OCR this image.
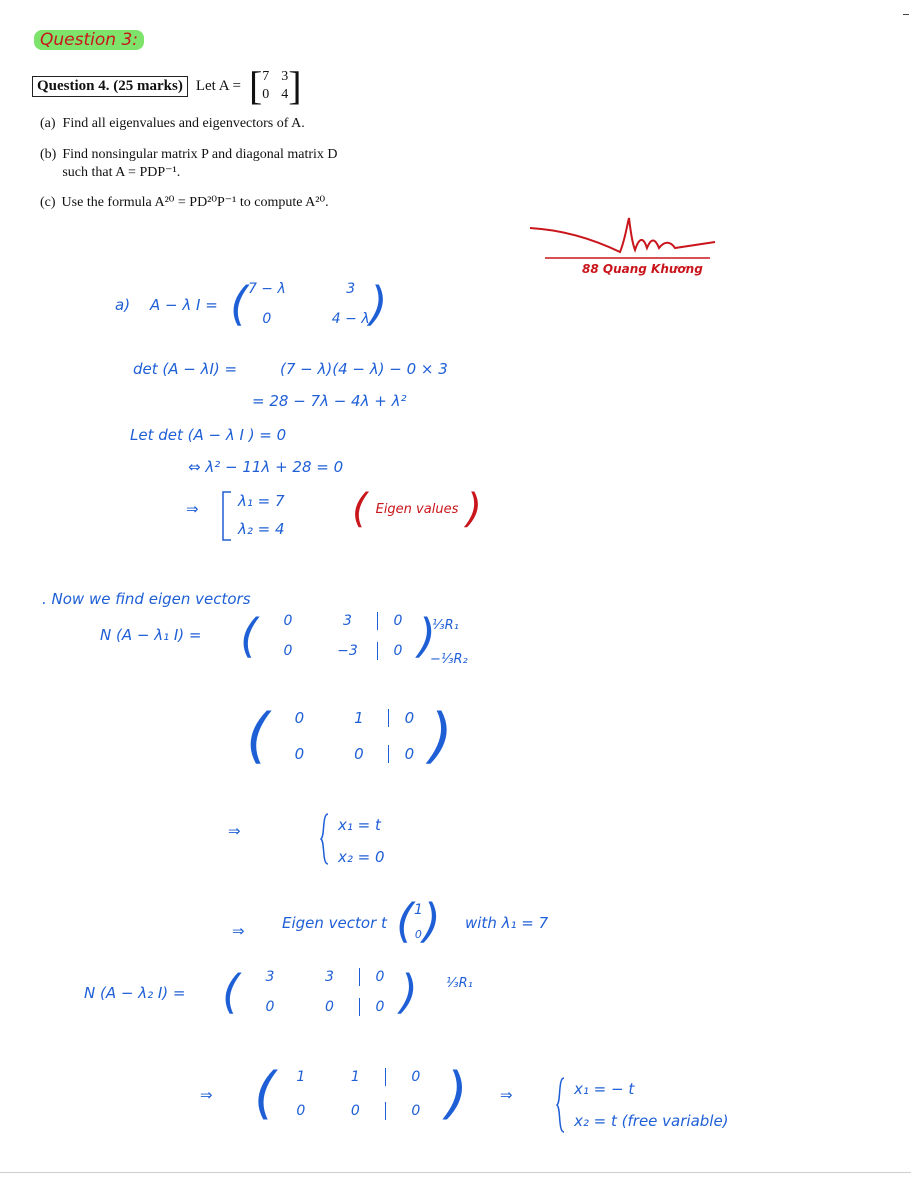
Question 3:
Question 4. (25 marks) Let A = [ 7 3
0 4 ]
(a) Find all eigenvalues and eigenvectors of A.
(b) Find nonsingular matrix P and diagonal matrix D such that A = PDP⁻¹.
(c) Use the formula A²⁰ = PD²⁰P⁻¹ to compute A²⁰.
88 Quang Khương
a) A − λ I = ( 7 − λ	3
0	4 − λ )
det (A − λI) =	(7 − λ)(4 − λ) − 0 × 3
= 28 − 7λ − 4λ + λ²
Let det (A − λ I ) = 0
⇔ λ² − 11λ + 28 = 0
⇒	λ₁ = 7
λ₂ = 4 ( Eigen values )
. Now we find eigen vectors
N (A − λ₁ I) = (	0	3	0
0	−3	0 )
¹⁄₃R₁
−¹⁄₃R₂
(	0	1	0
0	0	0 )
⇒	x₁ = t
x₂ = 0
⇒ Eigen vector t ( 1
0 ) with λ₁ = 7
N (A − λ₂ I) = (	3	3	0
0	0	0 ) ¹⁄₃R₁
⇒ (	1	1	0
0	0	0 ) ⇒	x₁ = − t
x₂ = t (free variable)
